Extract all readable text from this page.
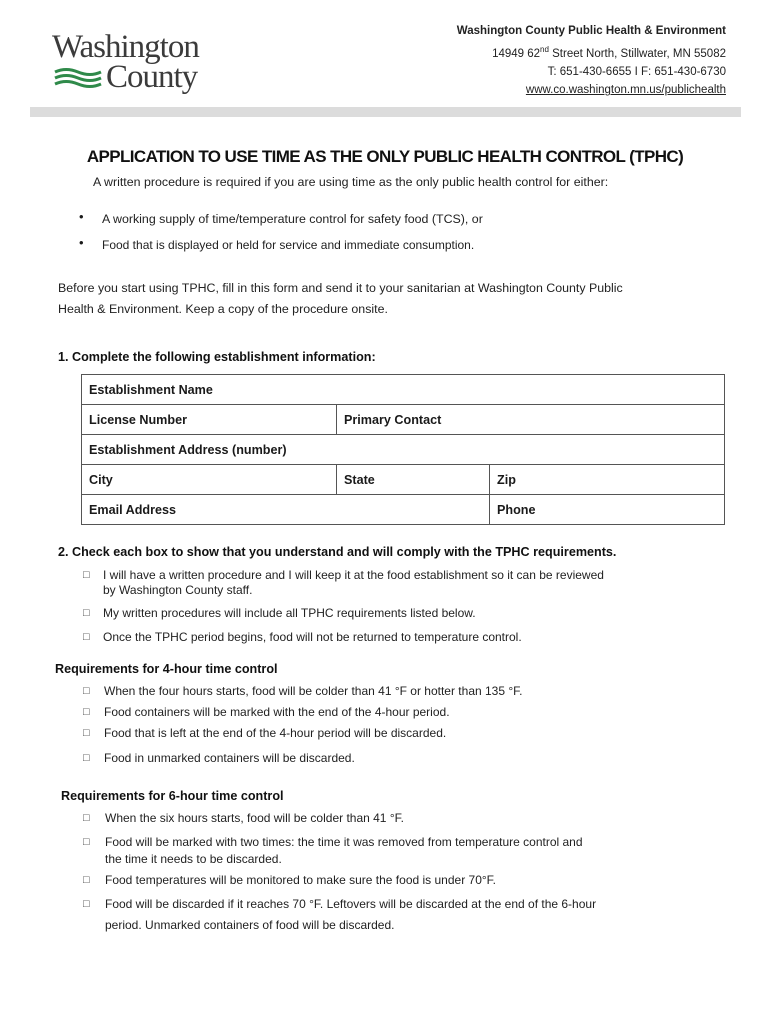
Washington
County
Washington County Public Health & Environment
14949 62nd Street North, Stillwater, MN 55082
T: 651-430-6655 I F: 651-430-6730
www.co.washington.mn.us/publichealth
APPLICATION TO USE TIME AS THE ONLY PUBLIC HEALTH CONTROL (TPHC)
A written procedure is required if you are using time as the only public health control for either:
• A working supply of time/temperature control for safety food (TCS), or
• Food that is displayed or held for service and immediate consumption.
Before you start using TPHC, fill in this form and send it to your sanitarian at Washington County Public
Health & Environment. Keep a copy of the procedure onsite.
1. Complete the following establishment information:
Establishment Name		
License Number	Primary Contact	
Establishment Address (number)		
City	State	Zip
Email Address		Phone
2. Check each box to show that you understand and will comply with the TPHC requirements.
□ I will have a written procedure and I will keep it at the food establishment so it can be reviewed
by Washington County staff.
□ My written procedures will include all TPHC requirements listed below.
□ Once the TPHC period begins, food will not be returned to temperature control.
Requirements for 4-hour time control
□ When the four hours starts, food will be colder than 41 °F or hotter than 135 °F.
□ Food containers will be marked with the end of the 4-hour period.
□ Food that is left at the end of the 4-hour period will be discarded.
□ Food in unmarked containers will be discarded.
Requirements for 6-hour time control
□ When the six hours starts, food will be colder than 41 °F.
□ Food will be marked with two times: the time it was removed from temperature control and
the time it needs to be discarded.
□ Food temperatures will be monitored to make sure the food is under 70°F.
□ Food will be discarded if it reaches 70 °F. Leftovers will be discarded at the end of the 6-hour
period. Unmarked containers of food will be discarded.
